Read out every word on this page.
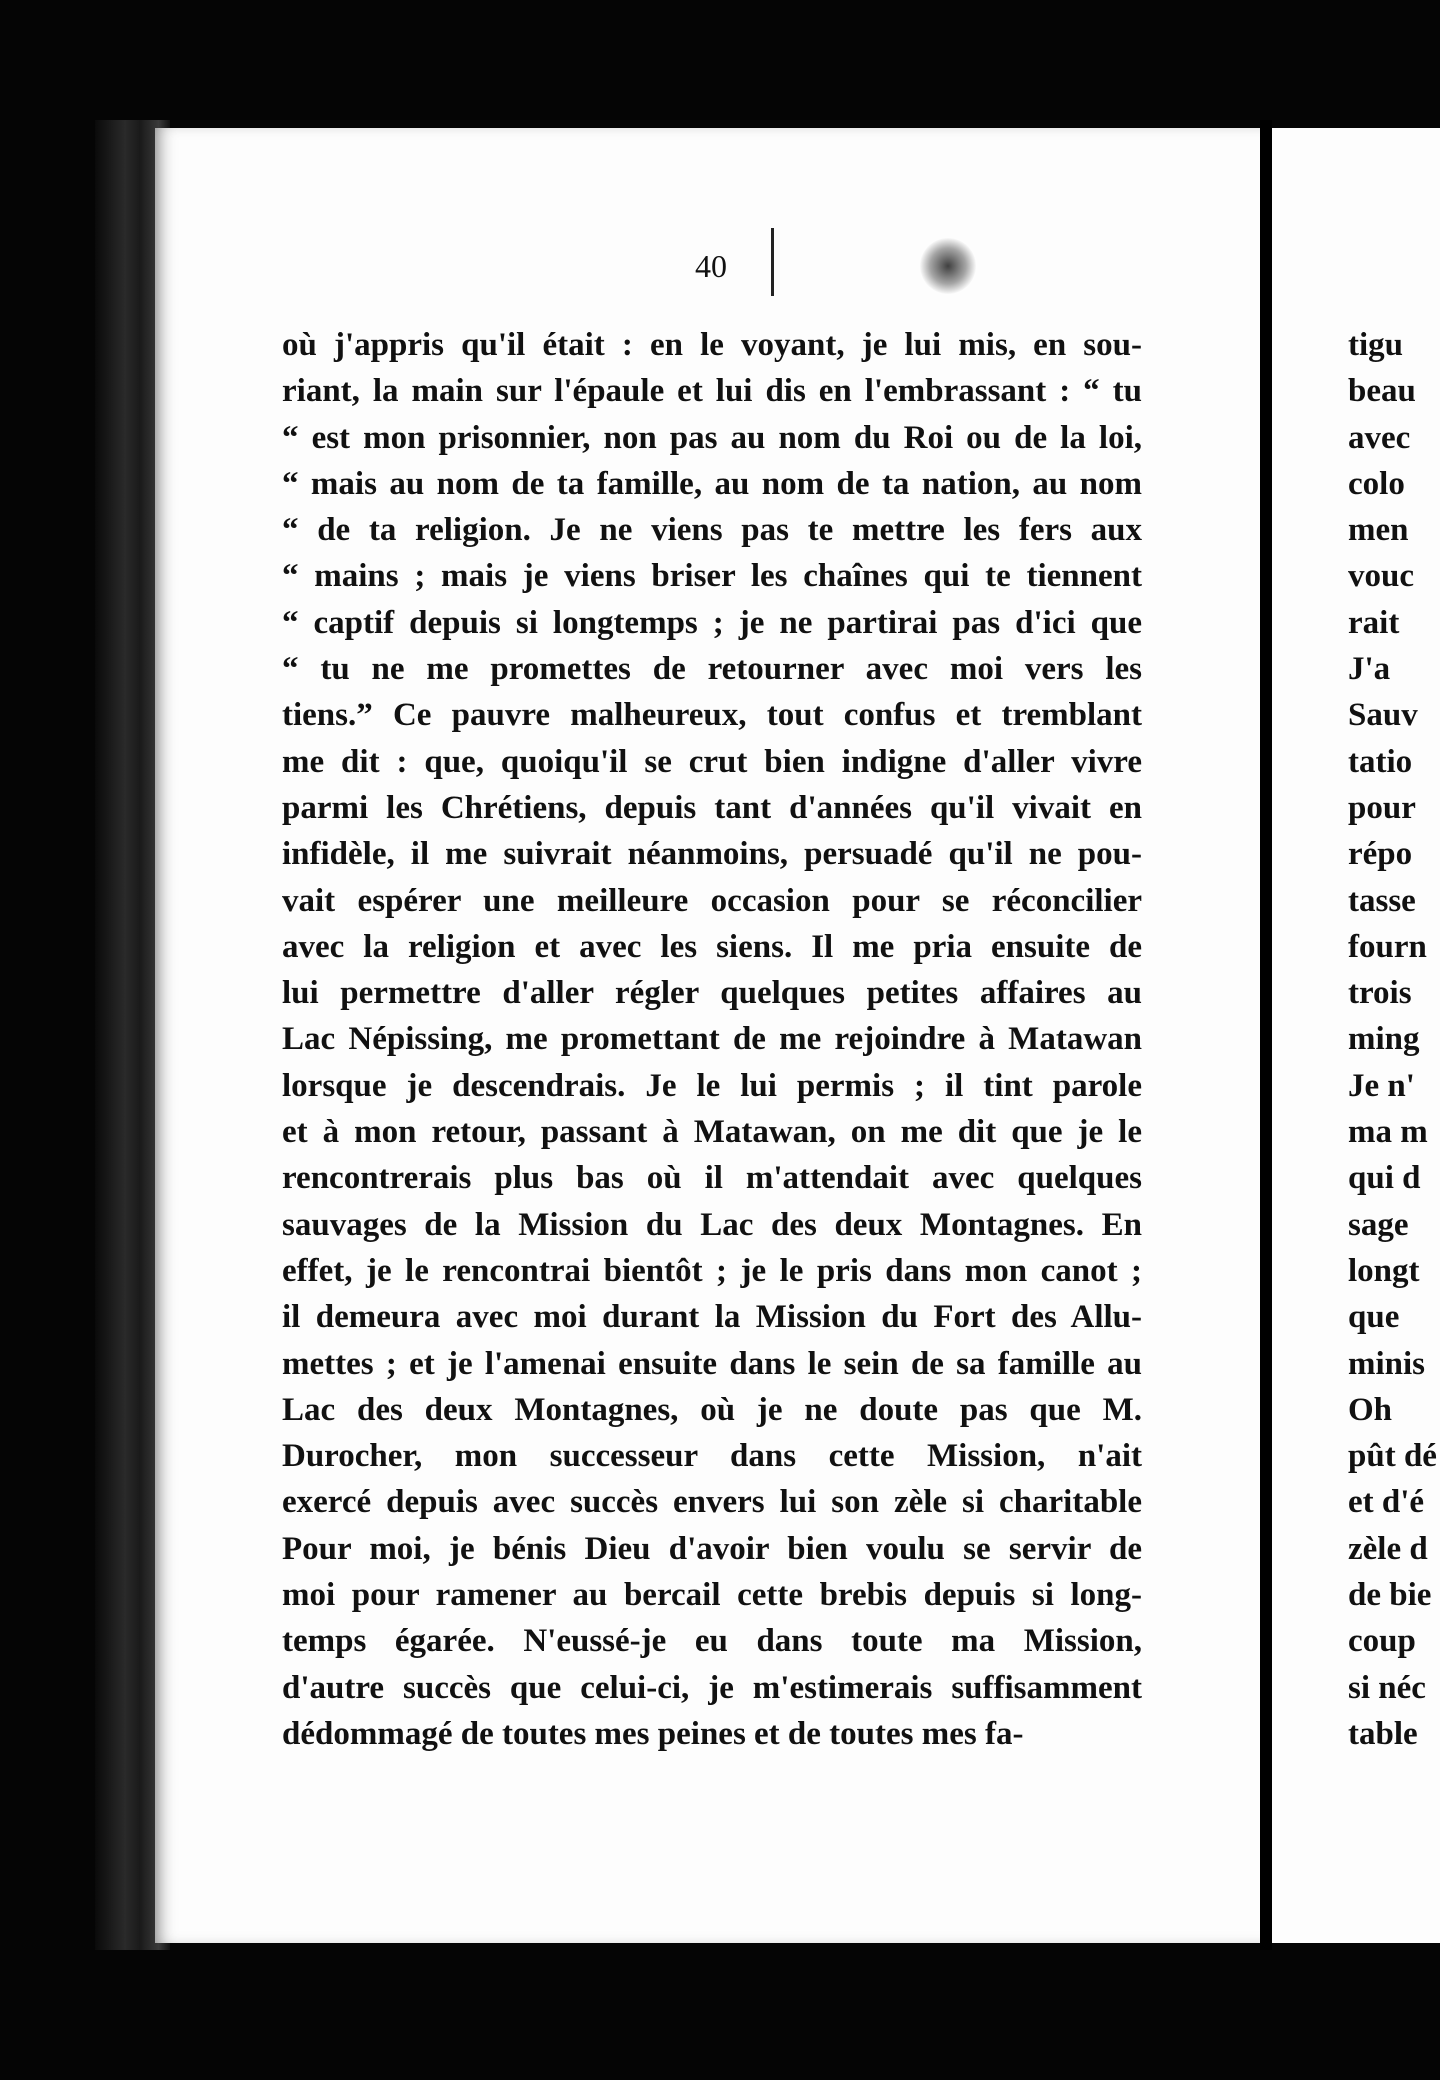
40
où j'appris qu'il était : en le voyant, je lui mis, en sou-
riant, la main sur l'épaule et lui dis en l'embrassant : “ tu
“ est mon prisonnier, non pas au nom du Roi ou de la loi,
“ mais au nom de ta famille, au nom de ta nation, au nom
“ de ta religion. Je ne viens pas te mettre les fers aux
“ mains ; mais je viens briser les chaînes qui te tiennent
“ captif depuis si longtemps ; je ne partirai pas d'ici que
“ tu ne me promettes de retourner avec moi vers les
tiens.” Ce pauvre malheureux, tout confus et tremblant
me dit : que, quoiqu'il se crut bien indigne d'aller vivre
parmi les Chrétiens, depuis tant d'années qu'il vivait en
infidèle, il me suivrait néanmoins, persuadé qu'il ne pou-
vait espérer une meilleure occasion pour se réconcilier
avec la religion et avec les siens. Il me pria ensuite de
lui permettre d'aller régler quelques petites affaires au
Lac Népissing, me promettant de me rejoindre à Matawan
lorsque je descendrais. Je le lui permis ; il tint parole
et à mon retour, passant à Matawan, on me dit que je le
rencontrerais plus bas où il m'attendait avec quelques
sauvages de la Mission du Lac des deux Montagnes. En
effet, je le rencontrai bientôt ; je le pris dans mon canot ;
il demeura avec moi durant la Mission du Fort des Allu-
mettes ; et je l'amenai ensuite dans le sein de sa famille au
Lac des deux Montagnes, où je ne doute pas que M.
Durocher, mon successeur dans cette Mission, n'ait
exercé depuis avec succès envers lui son zèle si charitable
Pour moi, je bénis Dieu d'avoir bien voulu se servir de
moi pour ramener au bercail cette brebis depuis si long-
temps égarée. N'eussé-je eu dans toute ma Mission,
d'autre succès que celui-ci, je m'estimerais suffisamment
dédommagé de toutes mes peines et de toutes mes fa-
tigu
beau
avec
colo
men
vouc
rait
J'a
Sauv
tatio
pour
répo
tasse
fourn
trois
ming
Je n'
ma m
qui d
sage
longt
que
minis
Oh
pût dé
et d'é
zèle d
de bie
coup
si néc
table
